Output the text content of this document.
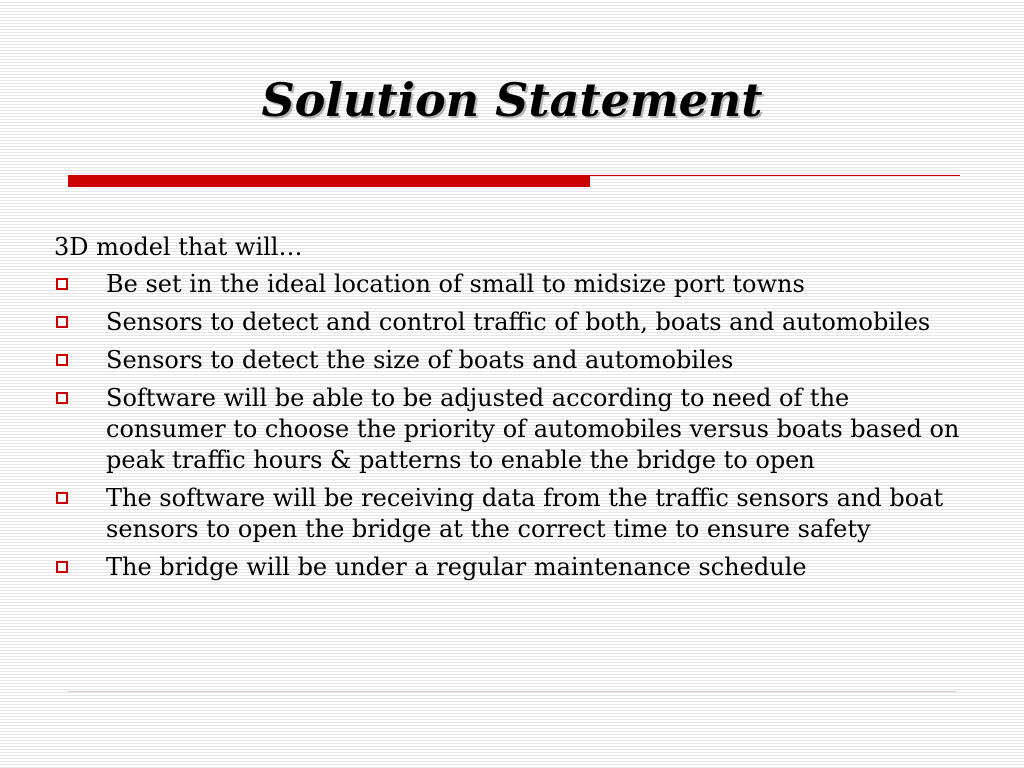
Solution Statement

3D model that will…

Be set in the ideal location of small to midsize port towns
Sensors to detect and control traffic of both, boats and automobiles
Sensors to detect the size of boats and automobiles
Software will be able to be adjusted according to need of the consumer to choose the priority of automobiles versus boats based on peak traffic hours & patterns to enable the bridge to open
The software will be receiving data from the traffic sensors and boat sensors to open the bridge at the correct time to ensure safety
The bridge will be under a regular maintenance schedule
